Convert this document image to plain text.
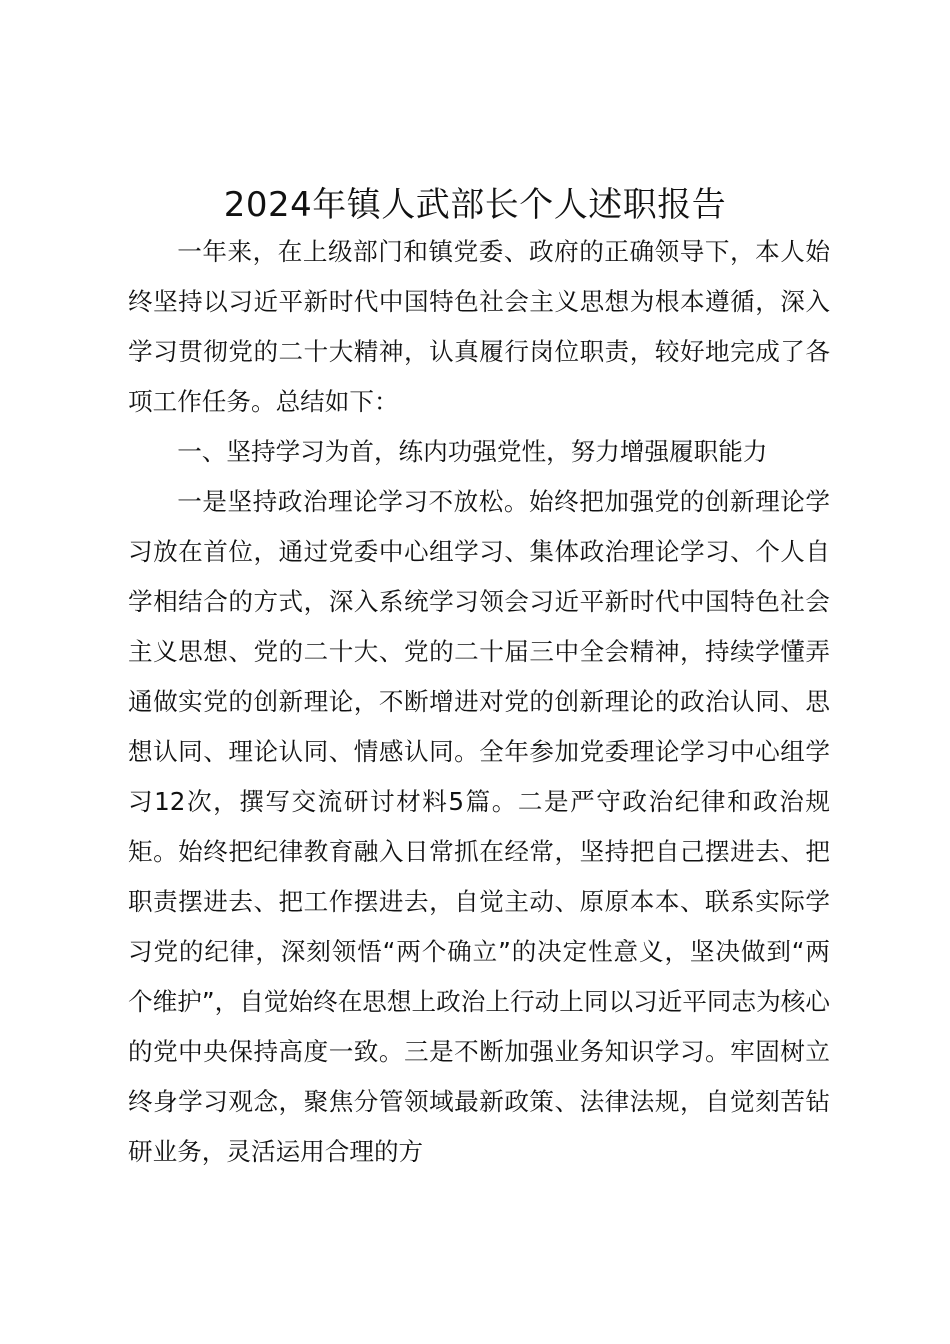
2024年镇人武部长个人述职报告

一年来，在上级部门和镇党委、政府的正确领导下，本人始终坚持以习近平新时代中国特色社会主义思想为根本遵循，深入学习贯彻党的二十大精神，认真履行岗位职责，较好地完成了各项工作任务。总结如下：

一、坚持学习为首，练内功强党性，努力增强履职能力

一是坚持政治理论学习不放松。始终把加强党的创新理论学习放在首位，通过党委中心组学习、集体政治理论学习、个人自学相结合的方式，深入系统学习领会习近平新时代中国特色社会主义思想、党的二十大、党的二十届三中全会精神，持续学懂弄通做实党的创新理论，不断增进对党的创新理论的政治认同、思想认同、理论认同、情感认同。全年参加党委理论学习中心组学习12次，撰写交流研讨材料5篇。二是严守政治纪律和政治规矩。始终把纪律教育融入日常抓在经常，坚持把自己摆进去、把职责摆进去、把工作摆进去，自觉主动、原原本本、联系实际学习党的纪律，深刻领悟“两个确立”的决定性意义，坚决做到“两个维护”，自觉始终在思想上政治上行动上同以习近平同志为核心的党中央保持高度一致。三是不断加强业务知识学习。牢固树立终身学习观念，聚焦分管领域最新政策、法律法规，自觉刻苦钻研业务，灵活运用合理的方
